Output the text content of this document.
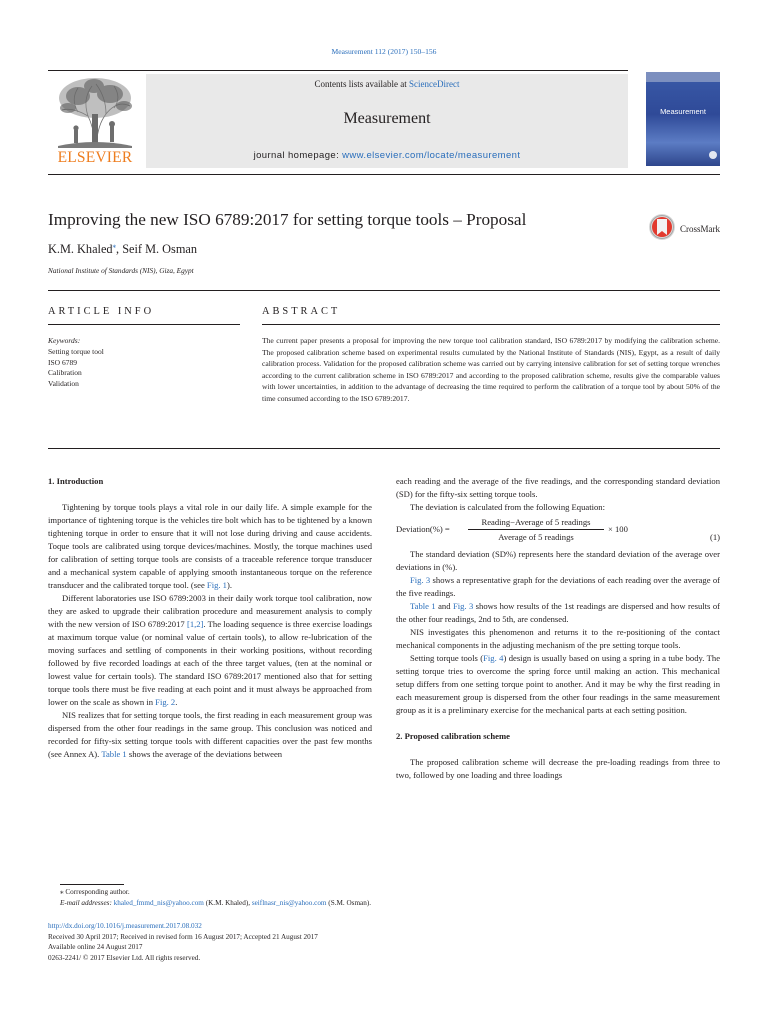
Measurement 112 (2017) 150–156
ELSEVIER
Contents lists available at ScienceDirect
Measurement
journal homepage: www.elsevier.com/locate/measurement
Measurement
Improving the new ISO 6789:2017 for setting torque tools – Proposal	CrossMark
K.M. Khaled⁎, Seif M. Osman
National Institute of Standards (NIS), Giza, Egypt
ARTICLE INFO	ABSTRACT
Keywords:
Setting torque tool
ISO 6789
Calibration
Validation
The current paper presents a proposal for improving the new torque tool calibration standard, ISO 6789:2017 by modifying the calibration scheme. The proposed calibration scheme based on experimental results cumulated by the National Institute of Standards (NIS), Egypt, as a result of daily calibration process. Validation for the proposed calibration scheme was carried out by carrying intensive calibration for set of setting torque wrenches according to the current calibration scheme in ISO 6789:2017 and according to the proposed calibration scheme, results give the comparable values with lower uncertainties, in addition to the advantage of decreasing the time required to perform the calibration of a torque tool by about 50% of the time consumed according to the ISO 6789:2017.

1. Introduction

Tightening by torque tools plays a vital role in our daily life. A simple example for the importance of tightening torque is the vehicles tire bolt which has to be tightened by a known tightening torque in order to ensure that it will not lose during driving and cause accidents. Toque tools are calibrated using torque devices/machines. Mostly, the torque machines used for calibration of setting torque tools are consists of a traceable reference torque transducer and a mechanical system capable of applying smooth instantaneous torque on the reference transducer and the calibrated torque tool. (see Fig. 1).

Different laboratories use ISO 6789:2003 in their daily work torque tool calibration, now they are asked to upgrade their calibration procedure and measurement analysis to comply with the new version of ISO 6789:2017 [1,2]. The loading sequence is three exercise loadings at maximum torque value (or nominal value of certain tools), to allow re-lubrication of the moving surfaces and settling of components in their working positions, without recording followed by five recorded loadings at each of the three target values, (ten at the nominal or lowest value for certain tools). The standard ISO 6789:2017 mentioned also that for setting torque tools there must be five reading at each point and it must always be approached from lower on the scale as shown in Fig. 2.

NIS realizes that for setting torque tools, the first reading in each measurement group was dispersed from the other four readings in the same group. This conclusion was noticed and recorded for fifty-six setting torque tools with different capacities over the past few months (see Annex A). Table 1 shows the average of the deviations between

each reading and the average of the five readings, and the corresponding standard deviation (SD) for the fifty-six setting torque tools.

The deviation is calculated from the following Equation:

Deviation(%) =
Reading−Average of 5 readings
Average of 5 readings
× 100
(1)

The standard deviation (SD%) represents here the standard deviation of the average over deviations in (%).

Fig. 3 shows a representative graph for the deviations of each reading over the average of the five readings.

Table 1 and Fig. 3 shows how results of the 1st readings are dispersed and how results of the other four readings, 2nd to 5th, are condensed.

NIS investigates this phenomenon and returns it to the re-positioning of the contact mechanical components in the adjusting mechanism of the pre setting torque tools.

Setting torque tools (Fig. 4) design is usually based on using a spring in a tube body. The setting torque tries to overcome the spring force until making an action. This mechanical setup differs from one setting torque point to another. And it may be why the first reading in each measurement group is dispersed from the other four readings in the same measurement group as it is a preliminary exercise for the mechanical parts at each setting position.

2. Proposed calibration scheme

The proposed calibration scheme will decrease the pre-loading readings from three to two, followed by one loading and three loadings

⁎ Corresponding author.
E-mail addresses: khaled_fmmd_nis@yahoo.com (K.M. Khaled), seiflnasr_nis@yahoo.com (S.M. Osman).
http://dx.doi.org/10.1016/j.measurement.2017.08.032
Received 30 April 2017; Received in revised form 16 August 2017; Accepted 21 August 2017
Available online 24 August 2017
0263-2241/ © 2017 Elsevier Ltd. All rights reserved.
